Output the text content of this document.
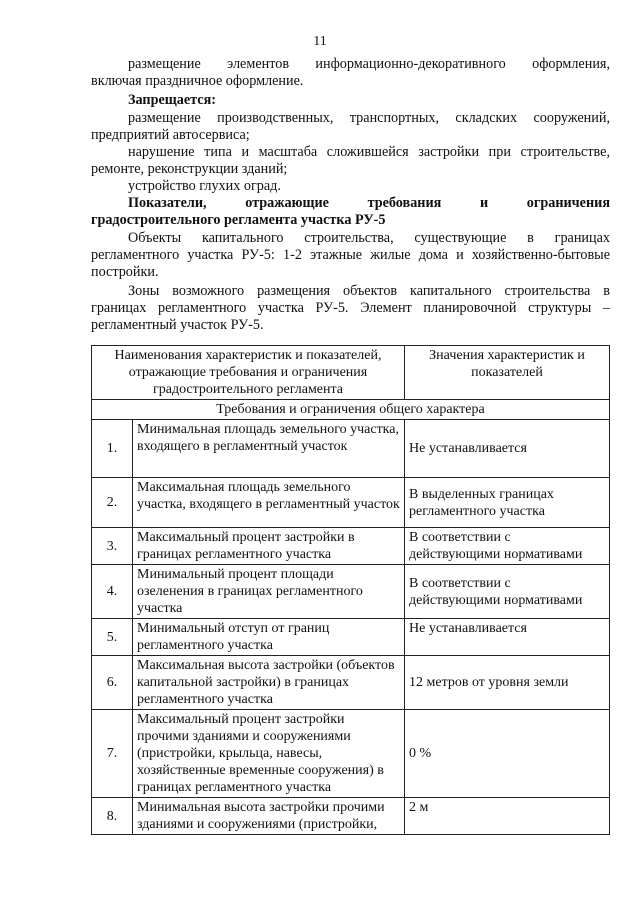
11
размещение элементов информационно-декоративного оформления,
включая праздничное оформление.
Запрещается:
размещение производственных, транспортных, складских сооружений,
предприятий автосервиса;
нарушение типа и масштаба сложившейся застройки при строительстве,
ремонте, реконструкции зданий;
устройство глухих оград.
Показатели, отражающие требования и ограничения
градостроительного регламента участка РУ-5
Объекты капитального строительства, существующие в границах
регламентного участка РУ-5: 1-2 этажные жилые дома и хозяйственно-бытовые
постройки.
Зоны возможного размещения объектов капитального строительства в
границах регламентного участка РУ-5. Элемент планировочной структуры –
регламентный участок РУ-5.
Наименования характеристик и показателей, отражающие требования и ограничения градостроительного регламента		Значения характеристик и показателей
Требования и ограничения общего характера		
1.	Минимальная площадь земельного участка, входящего в регламентный участок	Не устанавливается
2.	Максимальная площадь земельного участка, входящего в регламентный участок	В выделенных границах регламентного участка
3.	Максимальный процент застройки в границах регламентного участка	В соответствии с действующими нормативами
4.	Минимальный процент площади озеленения в границах регламентного участка	В соответствии с действующими нормативами
5.	Минимальный отступ от границ регламентного участка	Не устанавливается
6.	Максимальная высота застройки (объектов капитальной застройки) в границах регламентного участка	12 метров от уровня земли
7.	Максимальный процент застройки прочими зданиями и сооружениями (пристройки, крыльца, навесы, хозяйственные временные сооружения) в границах регламентного участка	0 %
8.	Минимальная высота застройки прочими зданиями и сооружениями (пристройки,	2 м
